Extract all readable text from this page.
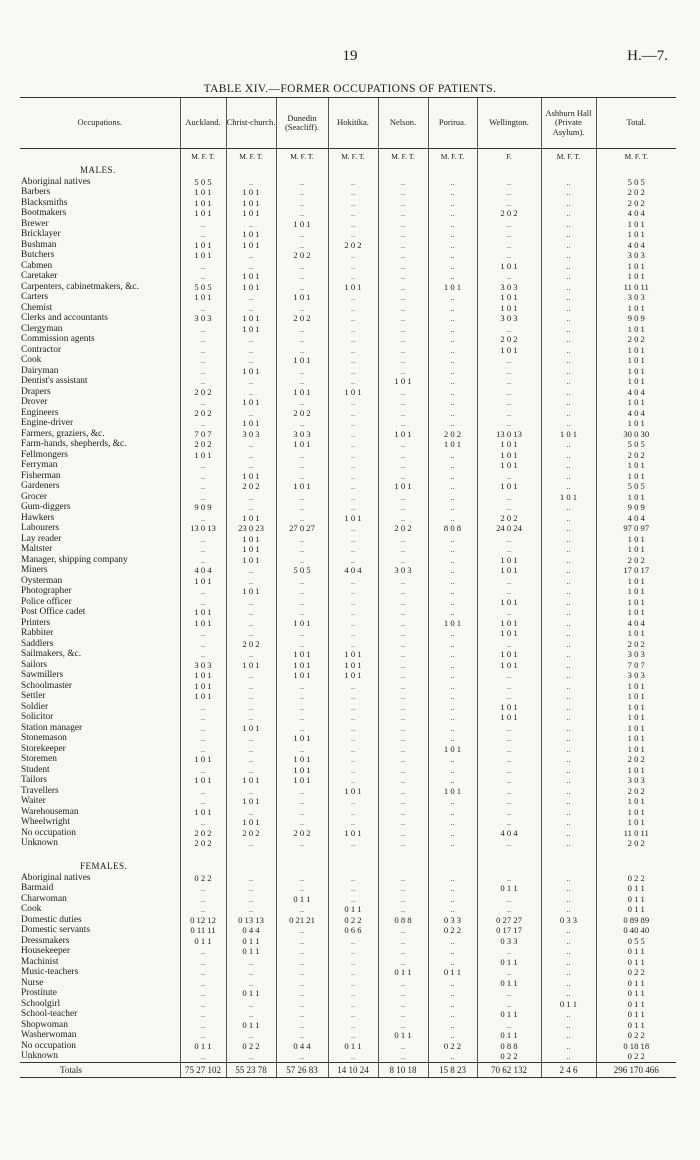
19	H.—7.
TABLE XIV.—FORMER OCCUPATIONS OF PATIENTS.
Occupations.	Auckland.	Christ-church.	Dunedin (Seacliff).	Hokitika.	Nelson.	Porirua.	Wellington.	Ashburn Hall (Private Asylum).	Total.
	M. F. T.	M. F. T.	M. F. T.	M. F. T.	M. F. T.	M. F. T.	F.	M. F. T.	M. F. T.
MALES.									
Aboriginal natives	5 0 5	..	..	..	..	..	..	..	5 0 5
Barbers	1 0 1	1 0 1	..	..	..	..	..	..	2 0 2
Blacksmiths	1 0 1	1 0 1	..	..	..	..	..	..	2 0 2
Bootmakers	1 0 1	1 0 1	..	..	..	..	2 0 2	..	4 0 4
Brewer	..	..	1 0 1	..	..	..	..	..	1 0 1
Bricklayer	..	1 0 1	..	..	..	..	..	..	1 0 1
Bushman	1 0 1	1 0 1	..	2 0 2	..	..	..	..	4 0 4
Butchers	1 0 1	..	2 0 2	..	..	..	..	..	3 0 3
Cabmen	..	..	..	..	..	..	1 0 1	..	1 0 1
Caretaker	..	1 0 1	..	..	..	..	..	..	1 0 1
Carpenters, cabinetmakers, &c.	5 0 5	1 0 1	..	1 0 1	..	1 0 1	3 0 3	..	11 0 11
Carters	1 0 1	..	1 0 1	..	..	..	1 0 1	..	3 0 3
Chemist	..	..	..	..	..	..	1 0 1	..	1 0 1
Clerks and accountants	3 0 3	1 0 1	2 0 2	..	..	..	3 0 3	..	9 0 9
Clergyman	..	1 0 1	..	..	..	..	..	..	1 0 1
Commission agents	..	..	..	..	..	..	2 0 2	..	2 0 2
Contractor	..	..	..	..	..	..	1 0 1	..	1 0 1
Cook	..	..	1 0 1	..	..	..	..	..	1 0 1
Dairyman	..	1 0 1	..	..	..	..	..	..	1 0 1
Dentist's assistant	..	..	..	..	1 0 1	..	..	..	1 0 1
Drapers	2 0 2	..	1 0 1	1 0 1	..	..	..	..	4 0 4
Drover	..	1 0 1	..	..	..	..	..	..	1 0 1
Engineers	2 0 2	..	2 0 2	..	..	..	..	..	4 0 4
Engine-driver	..	1 0 1	..	..	..	..	..	..	1 0 1
Farmers, graziers, &c.	7 0 7	3 0 3	3 0 3	..	1 0 1	2 0 2	13 0 13	1 0 1	30 0 30
Farm-hands, shepherds, &c.	2 0 2	..	1 0 1	..	..	1 0 1	1 0 1	..	5 0 5
Fellmongers	1 0 1	..	..	..	..	..	1 0 1	..	2 0 2
Ferryman	..	..	..	..	..	..	1 0 1	..	1 0 1
Fisherman	..	1 0 1	..	..	..	..	..	..	1 0 1
Gardeners	..	2 0 2	1 0 1	..	1 0 1	..	1 0 1	..	5 0 5
Grocer	..	..	..	..	..	..	..	1 0 1	1 0 1
Gum-diggers	9 0 9	..	..	..	..	..	..	..	9 0 9
Hawkers	..	1 0 1	..	1 0 1	..	..	2 0 2	..	4 0 4
Labourers	13 0 13	23 0 23	27 0 27	..	2 0 2	8 0 8	24 0 24	..	97 0 97
Lay reader	..	1 0 1	..	..	..	..	..	..	1 0 1
Maltster	..	1 0 1	..	..	..	..	..	..	1 0 1
Manager, shipping company	..	1 0 1	..	..	..	..	1 0 1	..	2 0 2
Miners	4 0 4	..	5 0 5	4 0 4	3 0 3	..	1 0 1	..	17 0 17
Oysterman	1 0 1	..	..	..	..	..	..	..	1 0 1
Photographer	..	1 0 1	..	..	..	..	..	..	1 0 1
Police officer	..	..	..	..	..	..	1 0 1	..	1 0 1
Post Office cadet	1 0 1	..	..	..	..	..	..	..	1 0 1
Printers	1 0 1	..	1 0 1	..	..	1 0 1	1 0 1	..	4 0 4
Rabbiter	..	..	..	..	..	..	1 0 1	..	1 0 1
Saddlers	..	2 0 2	..	..	..	..	..	..	2 0 2
Sailmakers, &c.	..	..	1 0 1	1 0 1	..	..	1 0 1	..	3 0 3
Sailors	3 0 3	1 0 1	1 0 1	1 0 1	..	..	1 0 1	..	7 0 7
Sawmillers	1 0 1	..	1 0 1	1 0 1	..	..	..	..	3 0 3
Schoolmaster	1 0 1	..	..	..	..	..	..	..	1 0 1
Settler	1 0 1	..	..	..	..	..	..	..	1 0 1
Soldier	..	..	..	..	..	..	1 0 1	..	1 0 1
Solicitor	..	..	..	..	..	..	1 0 1	..	1 0 1
Station manager	..	1 0 1	..	..	..	..	..	..	1 0 1
Stonemason	..	..	1 0 1	..	..	..	..	..	1 0 1
Storekeeper	..	..	..	..	..	1 0 1	..	..	1 0 1
Storemen	1 0 1	..	1 0 1	..	..	..	..	..	2 0 2
Student	..	..	1 0 1	..	..	..	..	..	1 0 1
Tailors	1 0 1	1 0 1	1 0 1	..	..	..	..	..	3 0 3
Travellers	..	..	..	1 0 1	..	1 0 1	..	..	2 0 2
Waiter	..	1 0 1	..	..	..	..	..	..	1 0 1
Warehouseman	1 0 1	..	..	..	..	..	..	..	1 0 1
Wheelwright	..	1 0 1	..	..	..	..	..	..	1 0 1
No occupation	2 0 2	2 0 2	2 0 2	1 0 1	..	..	4 0 4	..	11 0 11
Unknown	2 0 2	..	..	..	..	..	..	..	2 0 2

FEMALES.									
Aboriginal natives	0 2 2	..	..	..	..	..	..	..	0 2 2
Barmaid	..	..	..	..	..	..	0 1 1	..	0 1 1
Charwoman	..	..	0 1 1	..	..	..	..	..	0 1 1
Cook	..	..	..	0 1 1	..	..	..	..	0 1 1
Domestic duties	0 12 12	0 13 13	0 21 21	0 2 2	0 8 8	0 3 3	0 27 27	0 3 3	0 89 89
Domestic servants	0 11 11	0 4 4	..	0 6 6	..	0 2 2	0 17 17	..	0 40 40
Dressmakers	0 1 1	0 1 1	..	..	..	..	0 3 3	..	0 5 5
Housekeeper	..	0 1 1	..	..	..	..	..	..	0 1 1
Machinist	..	..	..	..	..	..	0 1 1	..	0 1 1
Music-teachers	..	..	..	..	0 1 1	0 1 1	..	..	0 2 2
Nurse	..	..	..	..	..	..	0 1 1	..	0 1 1
Prostitute	..	0 1 1	..	..	..	..	..	..	0 1 1
Schoolgirl	..	..	..	..	..	..	..	0 1 1	0 1 1
School-teacher	..	..	..	..	..	..	0 1 1	..	0 1 1
Shopwoman	..	0 1 1	..	..	..	..	..	..	0 1 1
Washerwoman	..	..	..	..	0 1 1	..	0 1 1	..	0 2 2
No occupation	0 1 1	0 2 2	0 4 4	0 1 1	..	0 2 2	0 8 8	..	0 18 18
Unknown	..	..	..	..	..	..	0 2 2	..	0 2 2
Totals	75 27 102	55 23 78	57 26 83	14 10 24	8 10 18	15 8 23	70 62 132	2 4 6	296 170 466
